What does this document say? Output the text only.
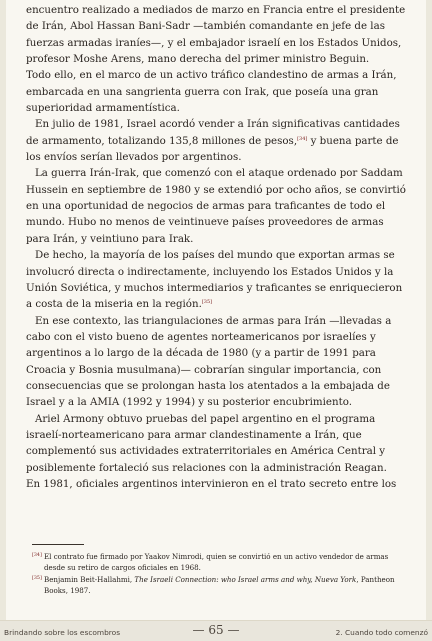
encuentro realizado a mediados de marzo en Francia entre el presidente de Irán, Abol Hassan Bani-Sadr —también comandante en jefe de las fuerzas armadas iraníes—, y el embajador israelí en los Estados Unidos, profesor Moshe Arens, mano derecha del primer ministro Beguin.

Todo ello, en el marco de un activo tráfico clandestino de armas a Irán, embarcada en una sangrienta guerra con Irak, que poseía una gran superioridad armamentística.

En julio de 1981, Israel acordó vender a Irán significativas cantidades de armamento, totalizando 135,8 millones de pesos,[34] y buena parte de los envíos serían llevados por argentinos.

La guerra Irán-Irak, que comenzó con el ataque ordenado por Saddam Hussein en septiembre de 1980 y se extendió por ocho años, se convirtió en una oportunidad de negocios de armas para traficantes de todo el mundo. Hubo no menos de veintinueve países proveedores de armas para Irán, y veintiuno para Irak.

De hecho, la mayoría de los países del mundo que exportan armas se involucró directa o indirectamente, incluyendo los Estados Unidos y la Unión Soviética, y muchos intermediarios y traficantes se enriquecieron a costa de la miseria en la región.[35]

En ese contexto, las triangulaciones de armas para Irán —llevadas a cabo con el visto bueno de agentes norteamericanos por israelíes y argentinos a lo largo de la década de 1980 (y a partir de 1991 para Croacia y Bosnia musulmana)— cobrarían singular importancia, con consecuencias que se prolongan hasta los atentados a la embajada de Israel y a la AMIA (1992 y 1994) y su posterior encubrimiento.

Ariel Armony obtuvo pruebas del papel argentino en el programa israelí-norteamericano para armar clandestinamente a Irán, que complementó sus actividades extraterritoriales en América Central y posiblemente fortaleció sus relaciones con la administración Reagan.

En 1981, oficiales argentinos intervinieron en el trato secreto entre los

[34] El contrato fue firmado por Yaakov Nimrodi, quien se convirtió en un activo vendedor de armas desde su retiro de cargos oficiales en 1968.
[35] Benjamin Beit-Hallahmi, The Israeli Connection: who Israel arms and why, Nueva York, Pantheon Books, 1987.
Brindando sobre los escombros	— 65 —	2. Cuando todo comenzó
